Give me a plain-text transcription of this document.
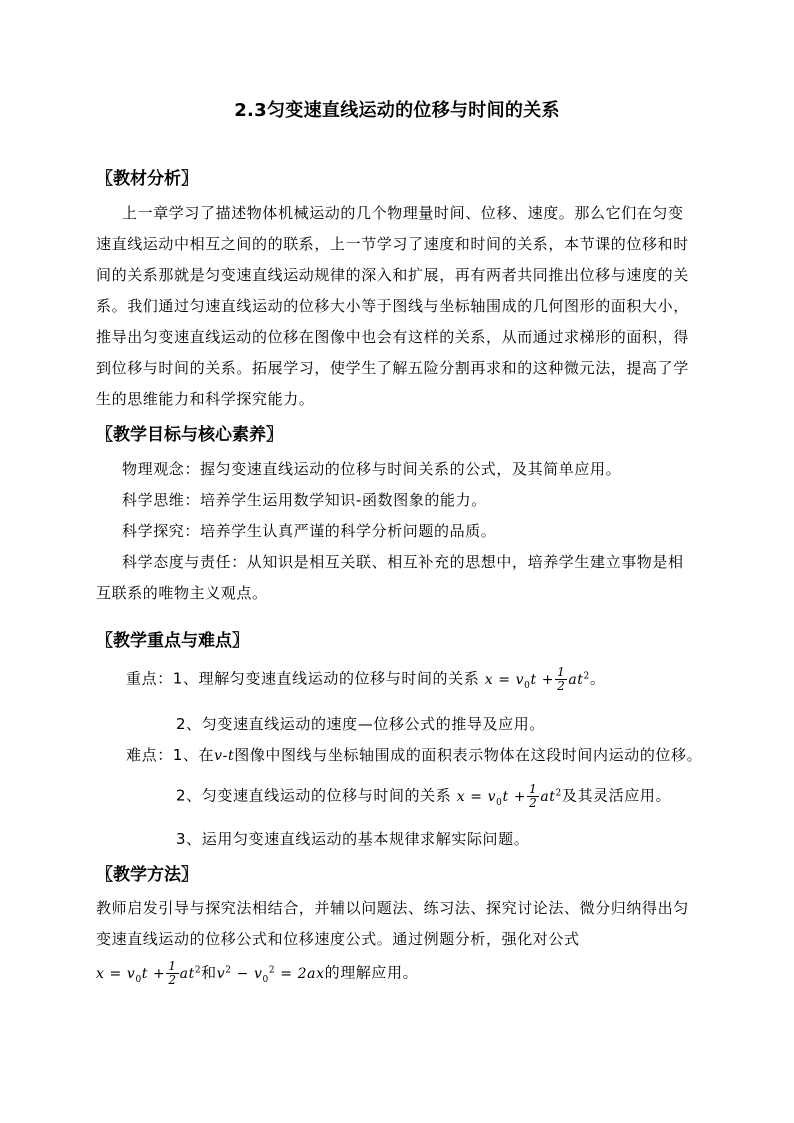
2.3匀变速直线运动的位移与时间的关系
〖教材分析〗
上一章学习了描述物体机械运动的几个物理量时间、位移、速度。那么它们在匀变
速直线运动中相互之间的的联系，上一节学习了速度和时间的关系，本节课的位移和时
间的关系那就是匀变速直线运动规律的深入和扩展，再有两者共同推出位移与速度的关
系。我们通过匀速直线运动的位移大小等于图线与坐标轴围成的几何图形的面积大小，
推导出匀变速直线运动的位移在图像中也会有这样的关系，从而通过求梯形的面积，得
到位移与时间的关系。拓展学习，使学生了解五险分割再求和的这种微元法，提高了学
生的思维能力和科学探究能力。
〖教学目标与核心素养〗
物理观念：握匀变速直线运动的位移与时间关系的公式，及其简单应用。
科学思维：培养学生运用数学知识-函数图象的能力。
科学探究：培养学生认真严谨的科学分析问题的品质。
科学态度与责任：从知识是相互关联、相互补充的思想中，培养学生建立事物是相
互联系的唯物主义观点。
〖教学重点与难点〗
重点：1、理解匀变速直线运动的位移与时间的关系 $x = v_0t + \frac{1}{2} at^2$。
2、匀变速直线运动的速度—位移公式的推导及应用。
难点：1、在v-t图像中图线与坐标轴围成的面积表示物体在这段时间内运动的位移。
2、匀变速直线运动的位移与时间的关系 $x = v_0t + \frac{1}{2} at^2$及其灵活应用。
3、运用匀变速直线运动的基本规律求解实际问题。
〖教学方法〗
教师启发引导与探究法相结合，并辅以问题法、练习法、探究讨论法、微分归纳得出匀
变速直线运动的位移公式和位移速度公式。通过例题分析，强化对公式
$x = v_0t + \frac{1}{2} at^2$和$v^2 - v_0^2 = 2ax$的理解应用。
